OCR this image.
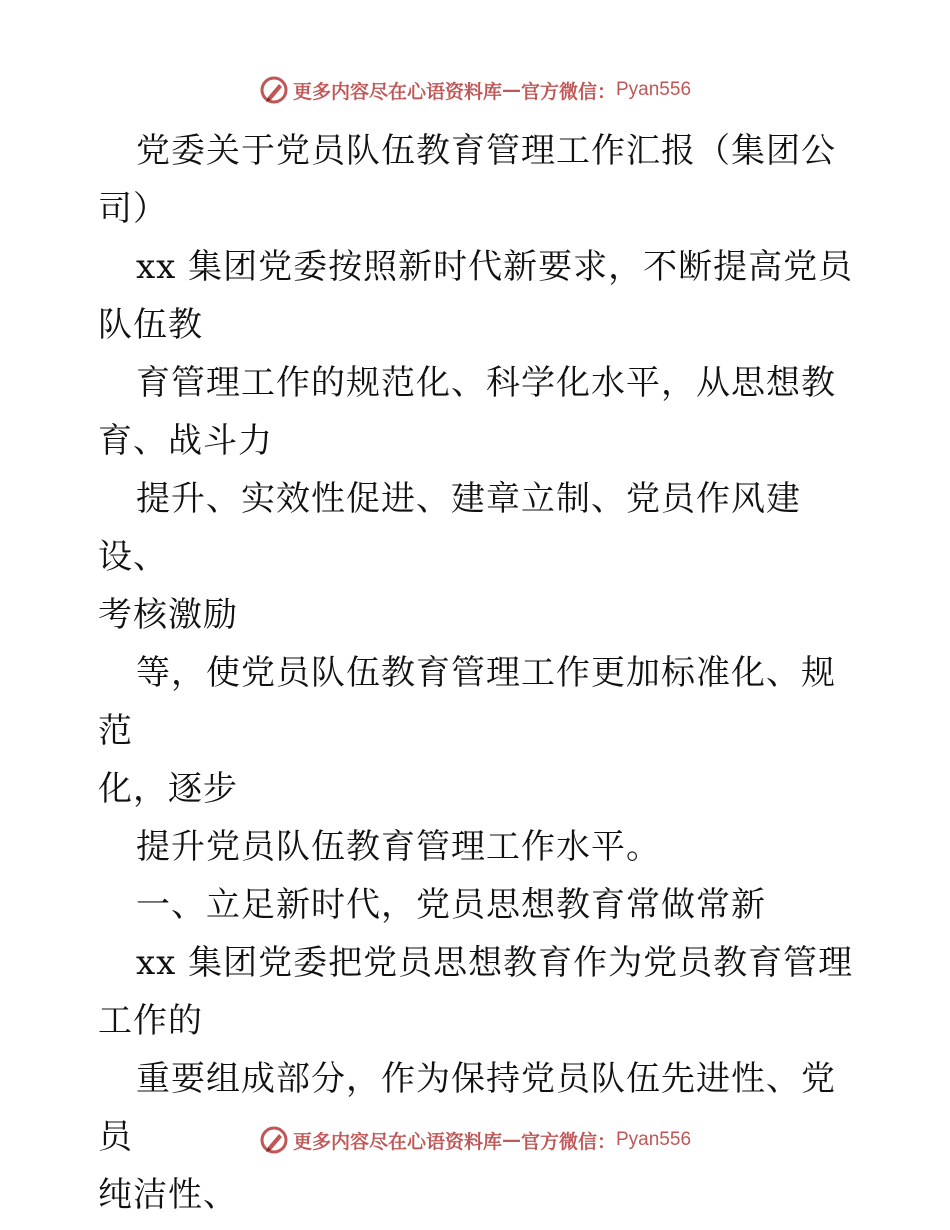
更多内容尽在心语资料库 — 官方微信： Pyan556

党委关于党员队伍教育管理工作汇报（集团公
司）

xx 集团党委按照新时代新要求，不断提高党员
队伍教

育管理工作的规范化、科学化水平，从思想教
育、战斗力

提升、实效性促进、建章立制、党员作风建设、
考核激励

等，使党员队伍教育管理工作更加标准化、规范
化，逐步

提升党员队伍教育管理工作水平。

一、立足新时代，党员思想教育常做常新

xx 集团党委把党员思想教育作为党员教育管理
工作的

重要组成部分，作为保持党员队伍先进性、党员
纯洁性、

更多内容尽在心语资料库 — 官方微信： Pyan556
